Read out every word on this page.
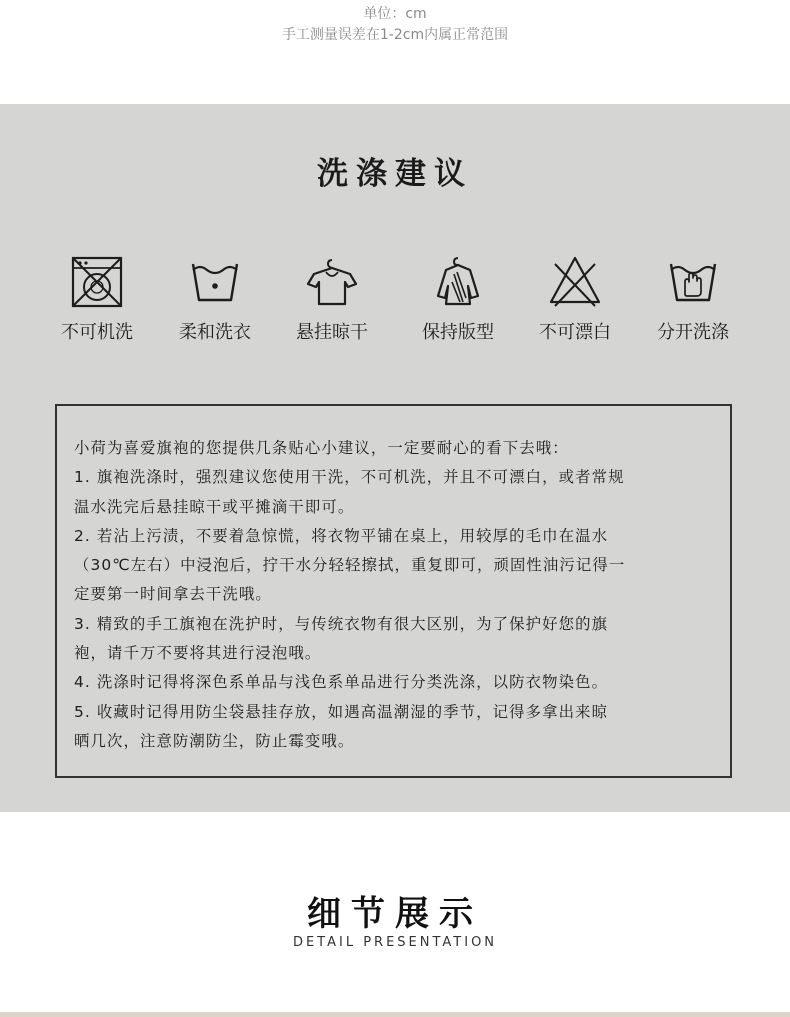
单位：cm
手工测量误差在1-2cm内属正常范围
洗涤建议
不可机洗	柔和洗衣	悬挂晾干	保持版型	不可漂白	分开洗涤

小荷为喜爱旗袍的您提供几条贴心小建议，一定要耐心的看下去哦：

1. 旗袍洗涤时，强烈建议您使用干洗，不可机洗，并且不可漂白，或者常规

温水洗完后悬挂晾干或平摊滴干即可。

2. 若沾上污渍，不要着急惊慌，将衣物平铺在桌上，用较厚的毛巾在温水

（30℃左右）中浸泡后，拧干水分轻轻擦拭，重复即可，顽固性油污记得一

定要第一时间拿去干洗哦。

3. 精致的手工旗袍在洗护时，与传统衣物有很大区别，为了保护好您的旗

袍，请千万不要将其进行浸泡哦。

4. 洗涤时记得将深色系单品与浅色系单品进行分类洗涤，以防衣物染色。

5. 收藏时记得用防尘袋悬挂存放，如遇高温潮湿的季节，记得多拿出来晾

晒几次，注意防潮防尘，防止霉变哦。

细节展示
DETAIL PRESENTATION
